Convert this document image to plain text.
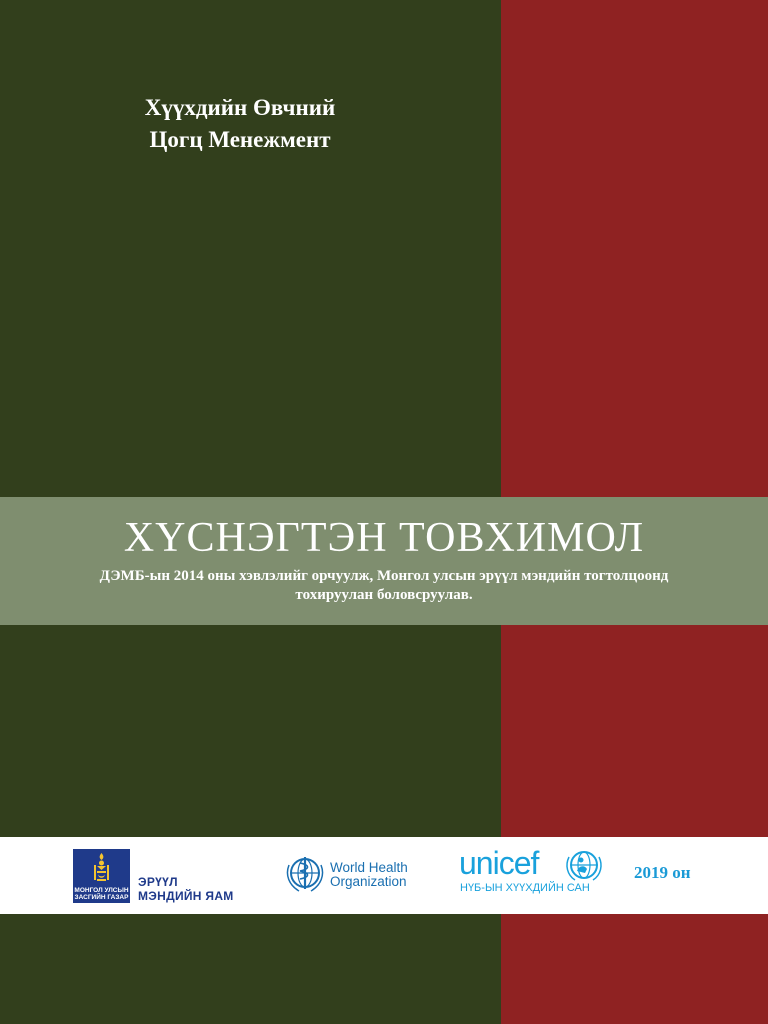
Хүүхдийн Өвчний
Цогц Менежмент
ХҮСНЭГТЭН ТОВХИМОЛ
ДЭМБ-ын 2014 оны хэвлэлийг орчуулж, Монгол улсын эрүүл мэндийн тогтолцоонд
тохируулан боловсруулав.
МОНГОЛ УЛСЫН
ЗАСГИЙН ГАЗАР
ЭРҮҮЛ
МЭНДИЙН ЯАМ
World Health
Organization
unicef
НҮБ-ЫН ХҮҮХДИЙН САН
2019 он
